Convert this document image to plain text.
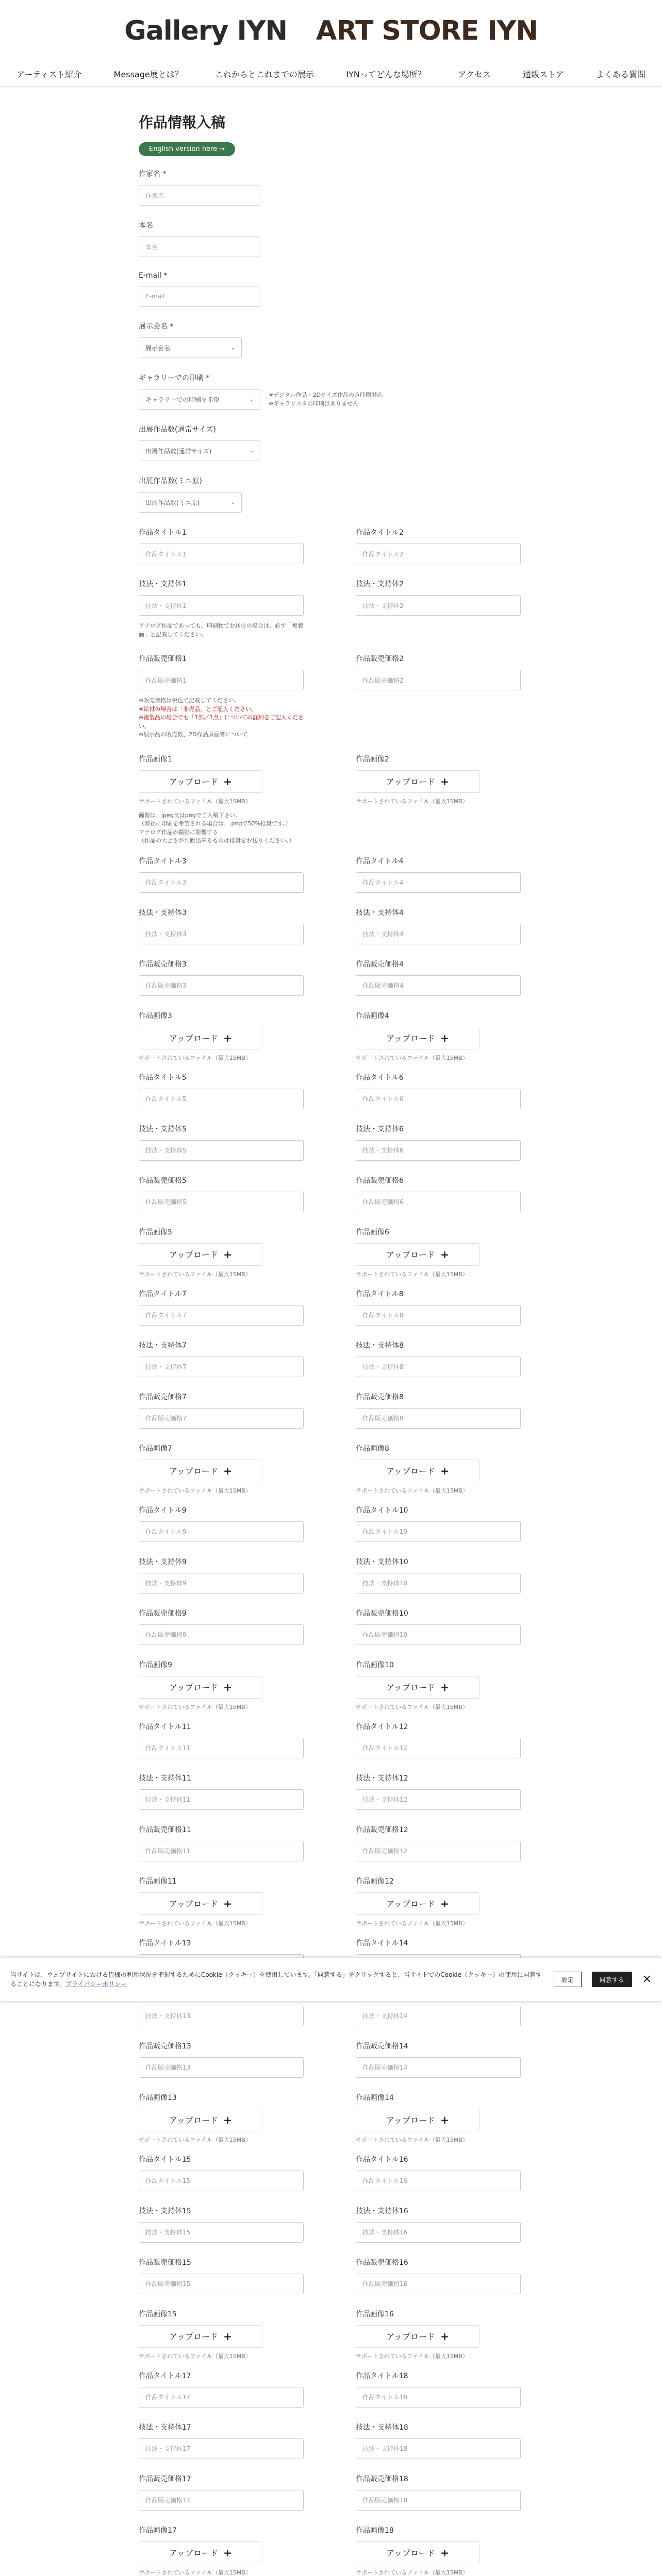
Gallery IYN ART STORE IYN
アーティスト紹介	Message展とは？	これからとこれまでの展示	IYNってどんな場所？	アクセス	通販ストア	よくある質問
作品情報入稿
English version here →
作家名 *
作家名
本名
本名
E-mail *
E-mail
展示会名 *
展示会名	⌄
ギャラリーでの印刷 *
ギャラリーでの印刷を希望	⌄
※デジタル作品・2Dサイズ作品のみ印刷対応
※ギャラリスタの印刷はありません
出展作品数(通常サイズ)
出展作品数(通常サイズ)	⌄
出展作品数(ミニ原)
出展作品数(ミニ原)	⌄
作品タイトル1
作品タイトル1
作品タイトル2
作品タイトル2
技法・支持体1
技法・支持体1
アナログ作品であっても、印刷物でお送付の場合は、必ず「複製画」と記載してください。
技法・支持体2
技法・支持体2
作品販売価格1
作品販売価格1
※販売価格は税込で記載してください。
※絵付の場合は「非売品」とご記入ください。
※複製品の場合でも「1部／1点」についての詳細をご記入ください。
※展示品の販売数、2D作品原画等について
作品販売価格2
作品販売価格2
作品画像1
アップロード +
サポートされているファイル（最大15MB）
画像は、jpeg又はpngでご入稿下さい。
（弊社に印刷を希望される場合は、.pngで50%推奨です。）
アナログ作品の撮影に影響する
（作品の大きさが判断出来るものは推奨をお送りください。）
作品画像2
アップロード +
サポートされているファイル（最大15MB）
作品タイトル3
作品タイトル3
作品タイトル4
作品タイトル4
技法・支持体3
技法・支持体3
技法・支持体4
技法・支持体4
作品販売価格3
作品販売価格3
作品販売価格4
作品販売価格4
作品画像3
アップロード +
サポートされているファイル（最大15MB）
作品画像4
アップロード +
サポートされているファイル（最大15MB）
作品タイトル5
作品タイトル5
作品タイトル6
作品タイトル6
技法・支持体5
技法・支持体5
技法・支持体6
技法・支持体6
作品販売価格5
作品販売価格5
作品販売価格6
作品販売価格6
作品画像5
アップロード +
サポートされているファイル（最大15MB）
作品画像6
アップロード +
サポートされているファイル（最大15MB）
作品タイトル7
作品タイトル7
作品タイトル8
作品タイトル8
技法・支持体7
技法・支持体7
技法・支持体8
技法・支持体8
作品販売価格7
作品販売価格7
作品販売価格8
作品販売価格8
作品画像7
アップロード +
サポートされているファイル（最大15MB）
作品画像8
アップロード +
サポートされているファイル（最大15MB）
作品タイトル9
作品タイトル9
作品タイトル10
作品タイトル10
技法・支持体9
技法・支持体9
技法・支持体10
技法・支持体10
作品販売価格9
作品販売価格9
作品販売価格10
作品販売価格10
作品画像9
アップロード +
サポートされているファイル（最大15MB）
作品画像10
アップロード +
サポートされているファイル（最大15MB）
作品タイトル11
作品タイトル11
作品タイトル12
作品タイトル12
技法・支持体11
技法・支持体11
技法・支持体12
技法・支持体12
作品販売価格11
作品販売価格11
作品販売価格12
作品販売価格12
作品画像11
アップロード +
サポートされているファイル（最大15MB）
作品画像12
アップロード +
サポートされているファイル（最大15MB）
作品タイトル13	作品タイトル14
技法・支持体13	技法・支持体14
作品販売価格13
作品販売価格13
作品販売価格14
作品販売価格14
作品画像13
アップロード +
サポートされているファイル（最大15MB）
作品画像14
アップロード +
サポートされているファイル（最大15MB）
作品タイトル15
作品タイトル15
作品タイトル16
作品タイトル16
技法・支持体15
技法・支持体15
技法・支持体16
技法・支持体16
作品販売価格15
作品販売価格15
作品販売価格16
作品販売価格16
作品画像15
アップロード +
サポートされているファイル（最大15MB）
作品画像16
アップロード +
サポートされているファイル（最大15MB）
作品タイトル17
作品タイトル17
作品タイトル18
作品タイトル18
技法・支持体17
技法・支持体17
技法・支持体18
技法・支持体18
作品販売価格17
作品販売価格17
作品販売価格18
作品販売価格18
作品画像17
アップロード +
サポートされているファイル（最大15MB）
作品画像18
アップロード +
サポートされているファイル（最大15MB）
当サイトは、ウェブサイトにおける皆様の利用状況を把握するためにCookie（クッキー）を使用しています。「同意する」をクリックすると、当サイトでのCookie（クッキー）の使用に同意することになります。プライバシーポリシー
設定	同意する	✕
